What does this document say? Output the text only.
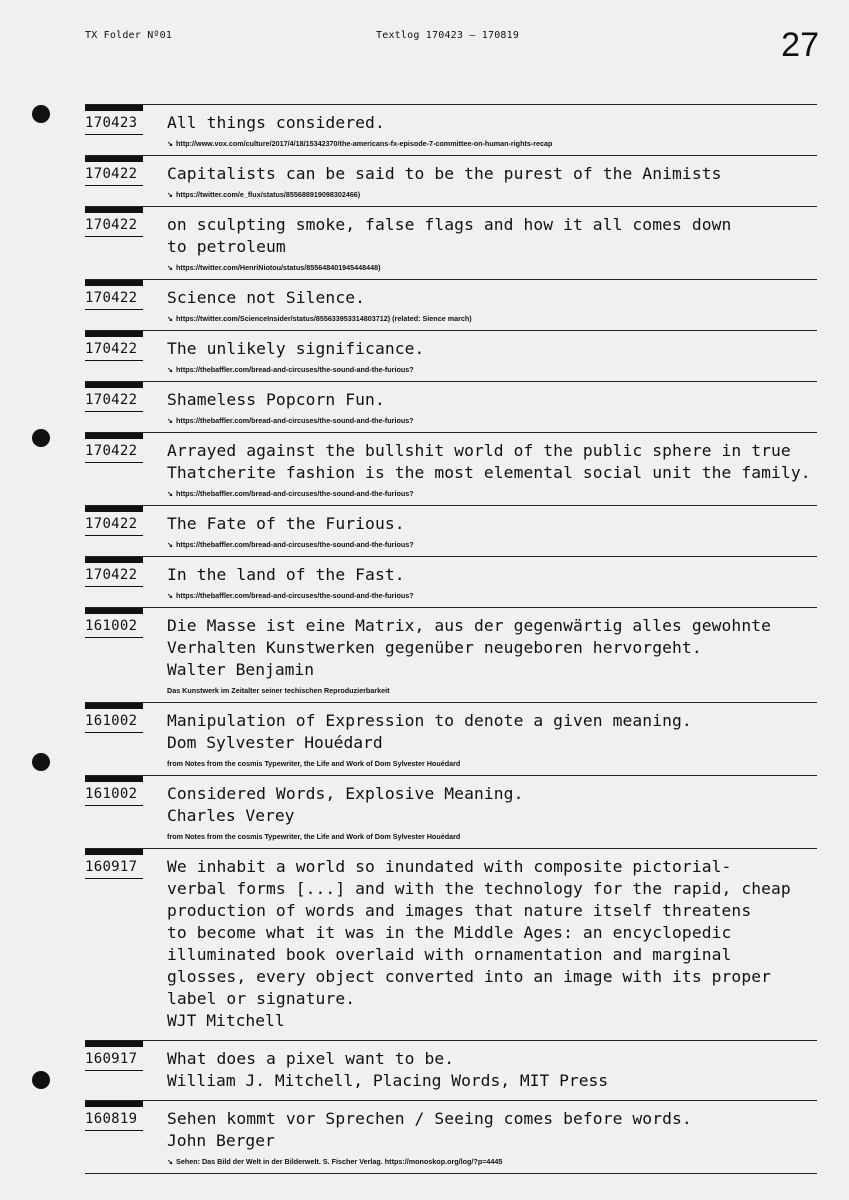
TX Folder Nº01	Textlog 170423 — 170819	27
170423	All things considered.
↘ http://www.vox.com/culture/2017/4/18/15342370/the-americans-fx-episode-7-committee-on-human-rights-recap
170422	Capitalists can be said to be the purest of the Animists
↘ https://twitter.com/e_flux/status/855688919098302466)
170422	on sculpting smoke, false flags and how it all comes down
to petroleum
↘ https://twitter.com/HenriNiotou/status/855648401945448448)
170422	Science not Silence.
↘ https://twitter.com/ScienceInsider/status/855633953314803712) (related: Sience march)
170422	The unlikely significance.
↘ https://thebaffler.com/bread-and-circuses/the-sound-and-the-furious?
170422	Shameless Popcorn Fun.
↘ https://thebaffler.com/bread-and-circuses/the-sound-and-the-furious?
170422	Arrayed against the bullshit world of the public sphere in true
Thatcherite fashion is the most elemental social unit the family.
↘ https://thebaffler.com/bread-and-circuses/the-sound-and-the-furious?
170422	The Fate of the Furious.
↘ https://thebaffler.com/bread-and-circuses/the-sound-and-the-furious?
170422	In the land of the Fast.
↘ https://thebaffler.com/bread-and-circuses/the-sound-and-the-furious?
161002	Die Masse ist eine Matrix, aus der gegenwärtig alles gewohnte
Verhalten Kunstwerken gegenüber neugeboren hervorgeht.
Walter Benjamin
Das Kunstwerk im Zeitalter seiner techischen Reproduzierbarkeit
161002	Manipulation of Expression to denote a given meaning.
Dom Sylvester Houédard
from Notes from the cosmis Typewriter, the Life and Work of Dom Sylvester Houédard
161002	Considered Words, Explosive Meaning.
Charles Verey
from Notes from the cosmis Typewriter, the Life and Work of Dom Sylvester Houédard
160917	We inhabit a world so inundated with composite pictorial-
verbal forms [...] and with the technology for the rapid, cheap
production of words and images that nature itself threatens
to become what it was in the Middle Ages: an encyclopedic
illuminated book overlaid with ornamentation and marginal
glosses, every object converted into an image with its proper
label or signature.
WJT Mitchell
160917	What does a pixel want to be.
William J. Mitchell, Placing Words, MIT Press
160819	Sehen kommt vor Sprechen / Seeing comes before words.
John Berger
↘ Sehen: Das Bild der Welt in der Bilderwelt. S. Fischer Verlag. https://monoskop.org/log/?p=4445
